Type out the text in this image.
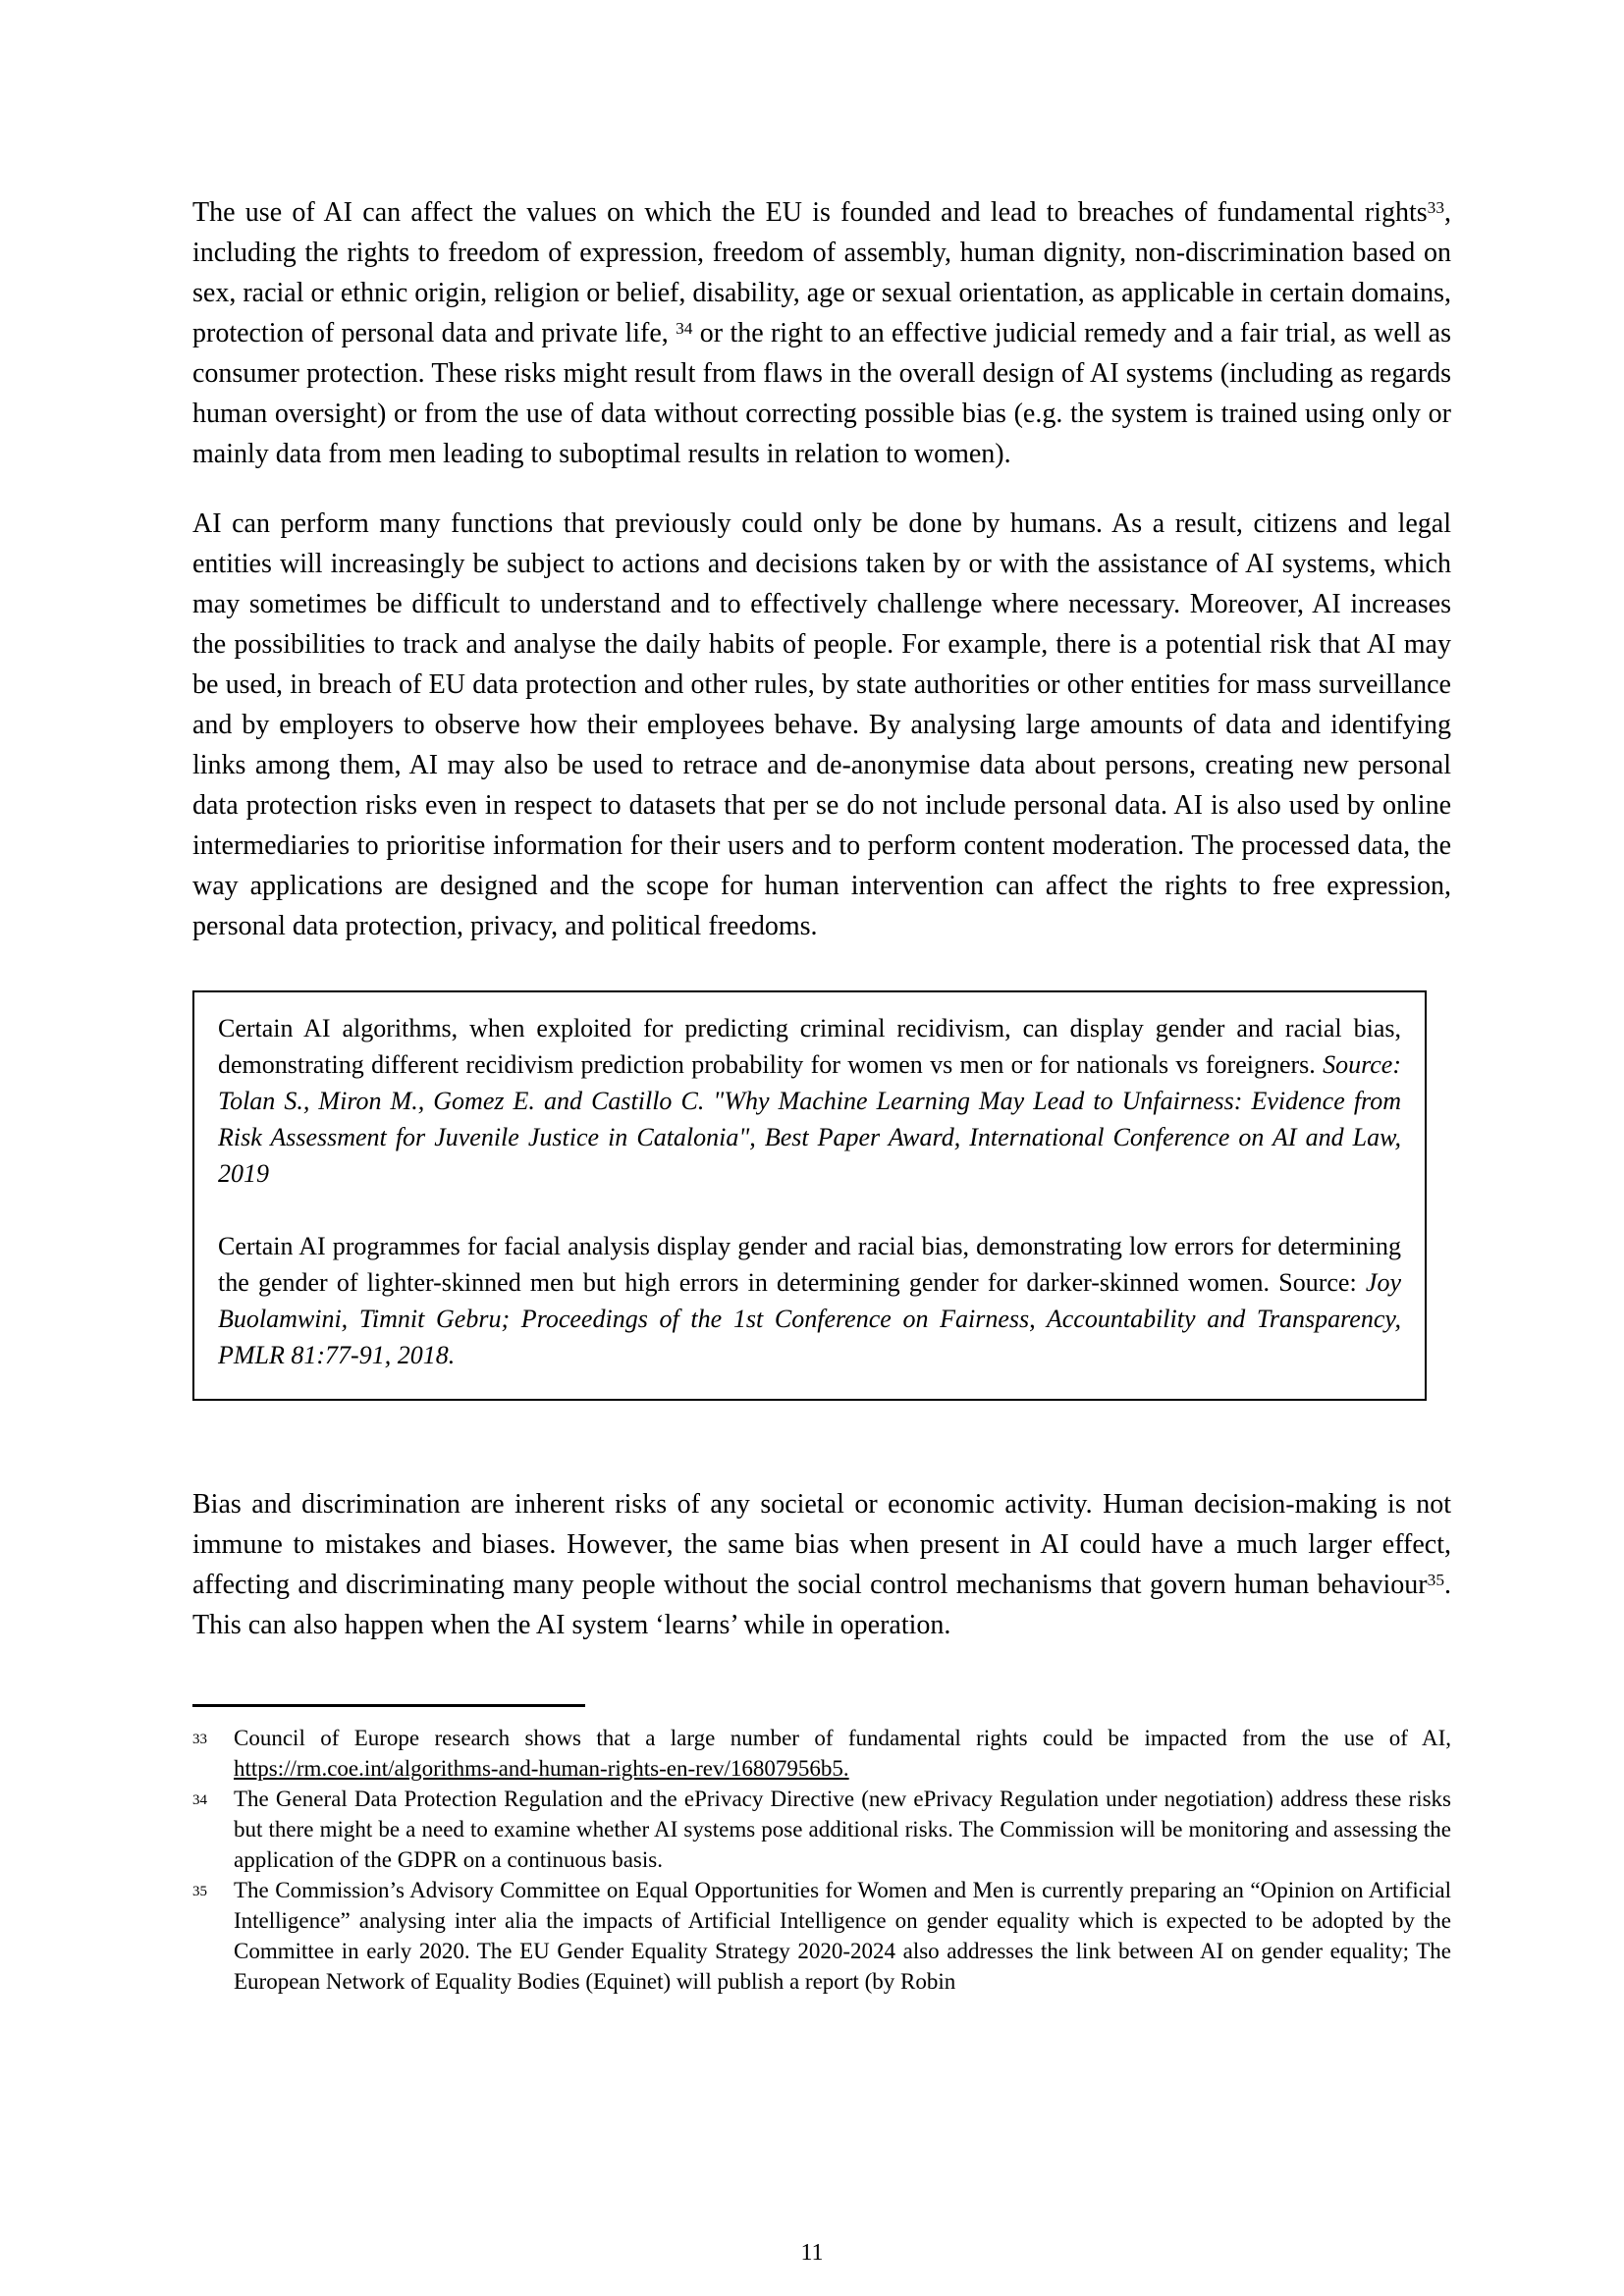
The use of AI can affect the values on which the EU is founded and lead to breaches of fundamental rights$^{33}$, including the rights to freedom of expression, freedom of assembly, human dignity, non-discrimination based on sex, racial or ethnic origin, religion or belief, disability, age or sexual orientation, as applicable in certain domains, protection of personal data and private life, $^{34}$ or the right to an effective judicial remedy and a fair trial, as well as consumer protection. These risks might result from flaws in the overall design of AI systems (including as regards human oversight) or from the use of data without correcting possible bias (e.g. the system is trained using only or mainly data from men leading to suboptimal results in relation to women).

AI can perform many functions that previously could only be done by humans. As a result, citizens and legal entities will increasingly be subject to actions and decisions taken by or with the assistance of AI systems, which may sometimes be difficult to understand and to effectively challenge where necessary. Moreover, AI increases the possibilities to track and analyse the daily habits of people. For example, there is a potential risk that AI may be used, in breach of EU data protection and other rules, by state authorities or other entities for mass surveillance and by employers to observe how their employees behave. By analysing large amounts of data and identifying links among them, AI may also be used to retrace and de-anonymise data about persons, creating new personal data protection risks even in respect to datasets that per se do not include personal data. AI is also used by online intermediaries to prioritise information for their users and to perform content moderation. The processed data, the way applications are designed and the scope for human intervention can affect the rights to free expression, personal data protection, privacy, and political freedoms.

Certain AI algorithms, when exploited for predicting criminal recidivism, can display gender and racial bias, demonstrating different recidivism prediction probability for women vs men or for nationals vs foreigners. Source: Tolan S., Miron M., Gomez E. and Castillo C. "Why Machine Learning May Lead to Unfairness: Evidence from Risk Assessment for Juvenile Justice in Catalonia", Best Paper Award, International Conference on AI and Law, 2019

Certain AI programmes for facial analysis display gender and racial bias, demonstrating low errors for determining the gender of lighter-skinned men but high errors in determining gender for darker-skinned women. Source: Joy Buolamwini, Timnit Gebru; Proceedings of the 1st Conference on Fairness, Accountability and Transparency, PMLR 81:77-91, 2018.

Bias and discrimination are inherent risks of any societal or economic activity. Human decision-making is not immune to mistakes and biases. However, the same bias when present in AI could have a much larger effect, affecting and discriminating many people without the social control mechanisms that govern human behaviour$^{35}$. This can also happen when the AI system ‘learns’ while in operation.

33	Council of Europe research shows that a large number of fundamental rights could be impacted from the use of AI, https://rm.coe.int/algorithms-and-human-rights-en-rev/16807956b5.
34	The General Data Protection Regulation and the ePrivacy Directive (new ePrivacy Regulation under negotiation) address these risks but there might be a need to examine whether AI systems pose additional risks. The Commission will be monitoring and assessing the application of the GDPR on a continuous basis.
35	The Commission’s Advisory Committee on Equal Opportunities for Women and Men is currently preparing an “Opinion on Artificial Intelligence” analysing inter alia the impacts of Artificial Intelligence on gender equality which is expected to be adopted by the Committee in early 2020. The EU Gender Equality Strategy 2020-2024 also addresses the link between AI on gender equality; The European Network of Equality Bodies (Equinet) will publish a report (by Robin
11
